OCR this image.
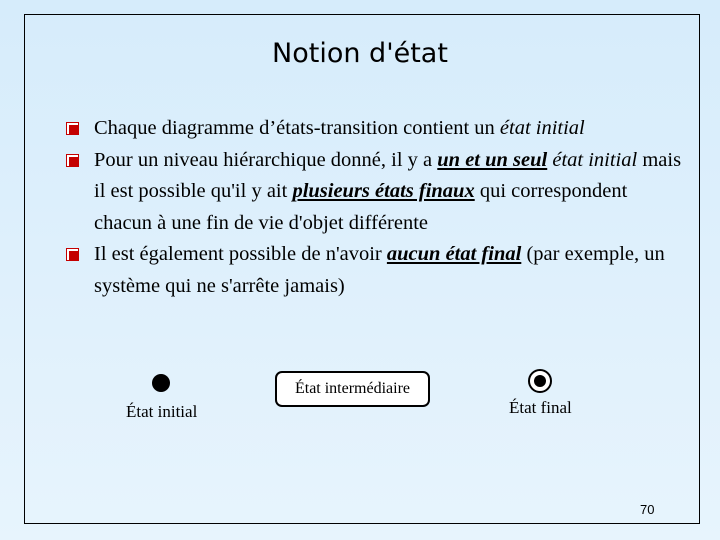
Notion d'état
Chaque diagramme d’états-transition contient un état initial
Pour un niveau hiérarchique donné, il y a un et un seul état initial mais il est possible qu'il y ait plusieurs états finaux qui correspondent chacun à une fin de vie d'objet différente
Il est également possible de n'avoir aucun état final (par exemple, un système qui ne s'arrête jamais)
État initial
État intermédiaire
État final
70
